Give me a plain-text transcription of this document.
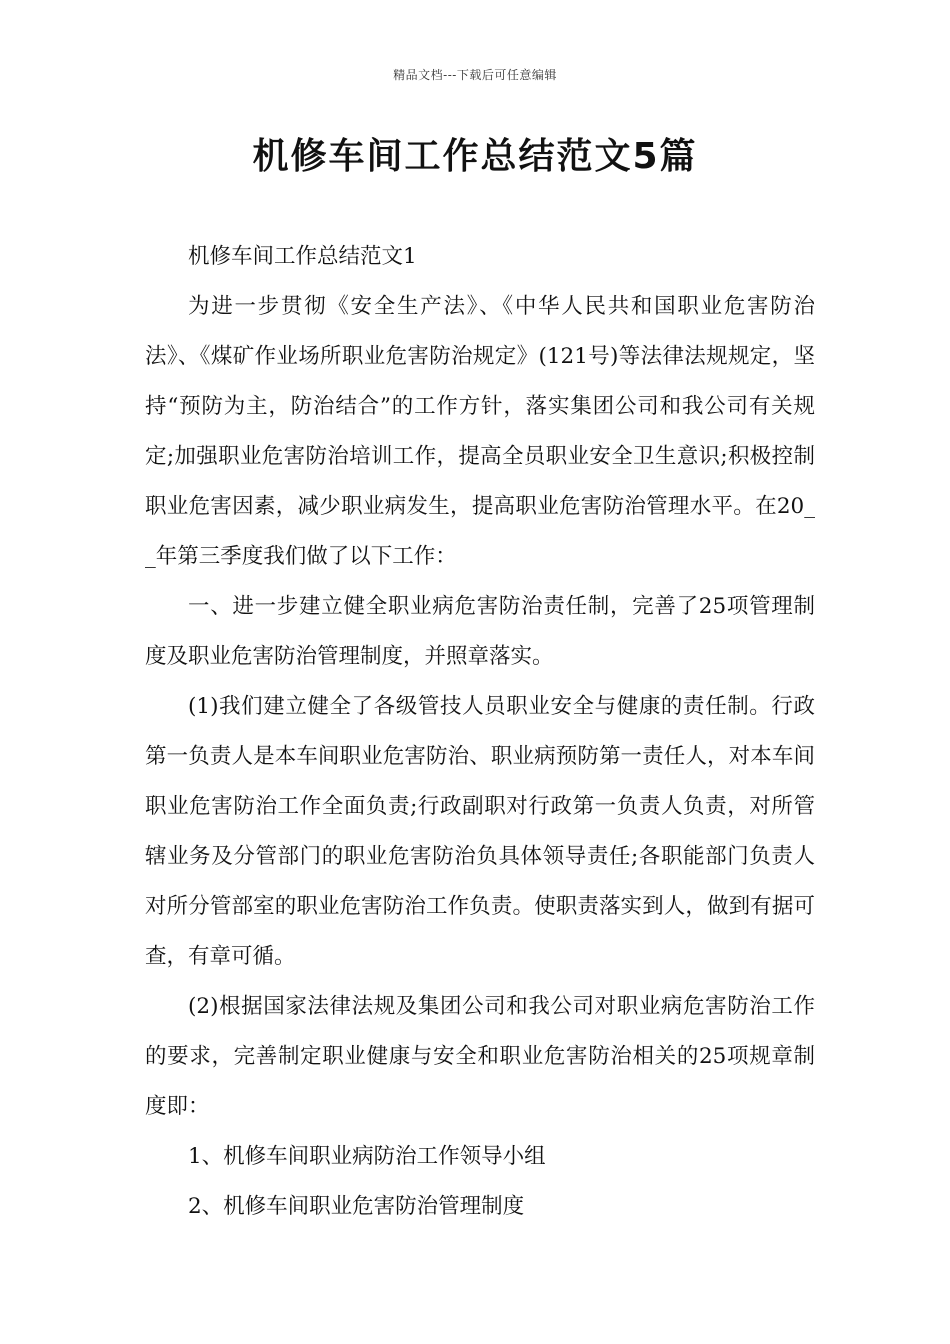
精品文档---下载后可任意编辑
机修车间工作总结范文5篇

机修车间工作总结范文1

为进一步贯彻《安全生产法》、《中华人民共和国职业危害防治法》、《煤矿作业场所职业危害防治规定》(121号)等法律法规规定，坚持“预防为主，防治结合”的工作方针，落实集团公司和我公司有关规定;加强职业危害防治培训工作，提高全员职业安全卫生意识;积极控制职业危害因素，减少职业病发生，提高职业危害防治管理水平。在20__年第三季度我们做了以下工作：

一、进一步建立健全职业病危害防治责任制，完善了25项管理制度及职业危害防治管理制度，并照章落实。

(1)我们建立健全了各级管技人员职业安全与健康的责任制。行政第一负责人是本车间职业危害防治、职业病预防第一责任人，对本车间职业危害防治工作全面负责;行政副职对行政第一负责人负责，对所管辖业务及分管部门的职业危害防治负具体领导责任;各职能部门负责人对所分管部室的职业危害防治工作负责。使职责落实到人，做到有据可查，有章可循。

(2)根据国家法律法规及集团公司和我公司对职业病危害防治工作的要求，完善制定职业健康与安全和职业危害防治相关的25项规章制度即：

1、机修车间职业病防治工作领导小组

2、机修车间职业危害防治管理制度
